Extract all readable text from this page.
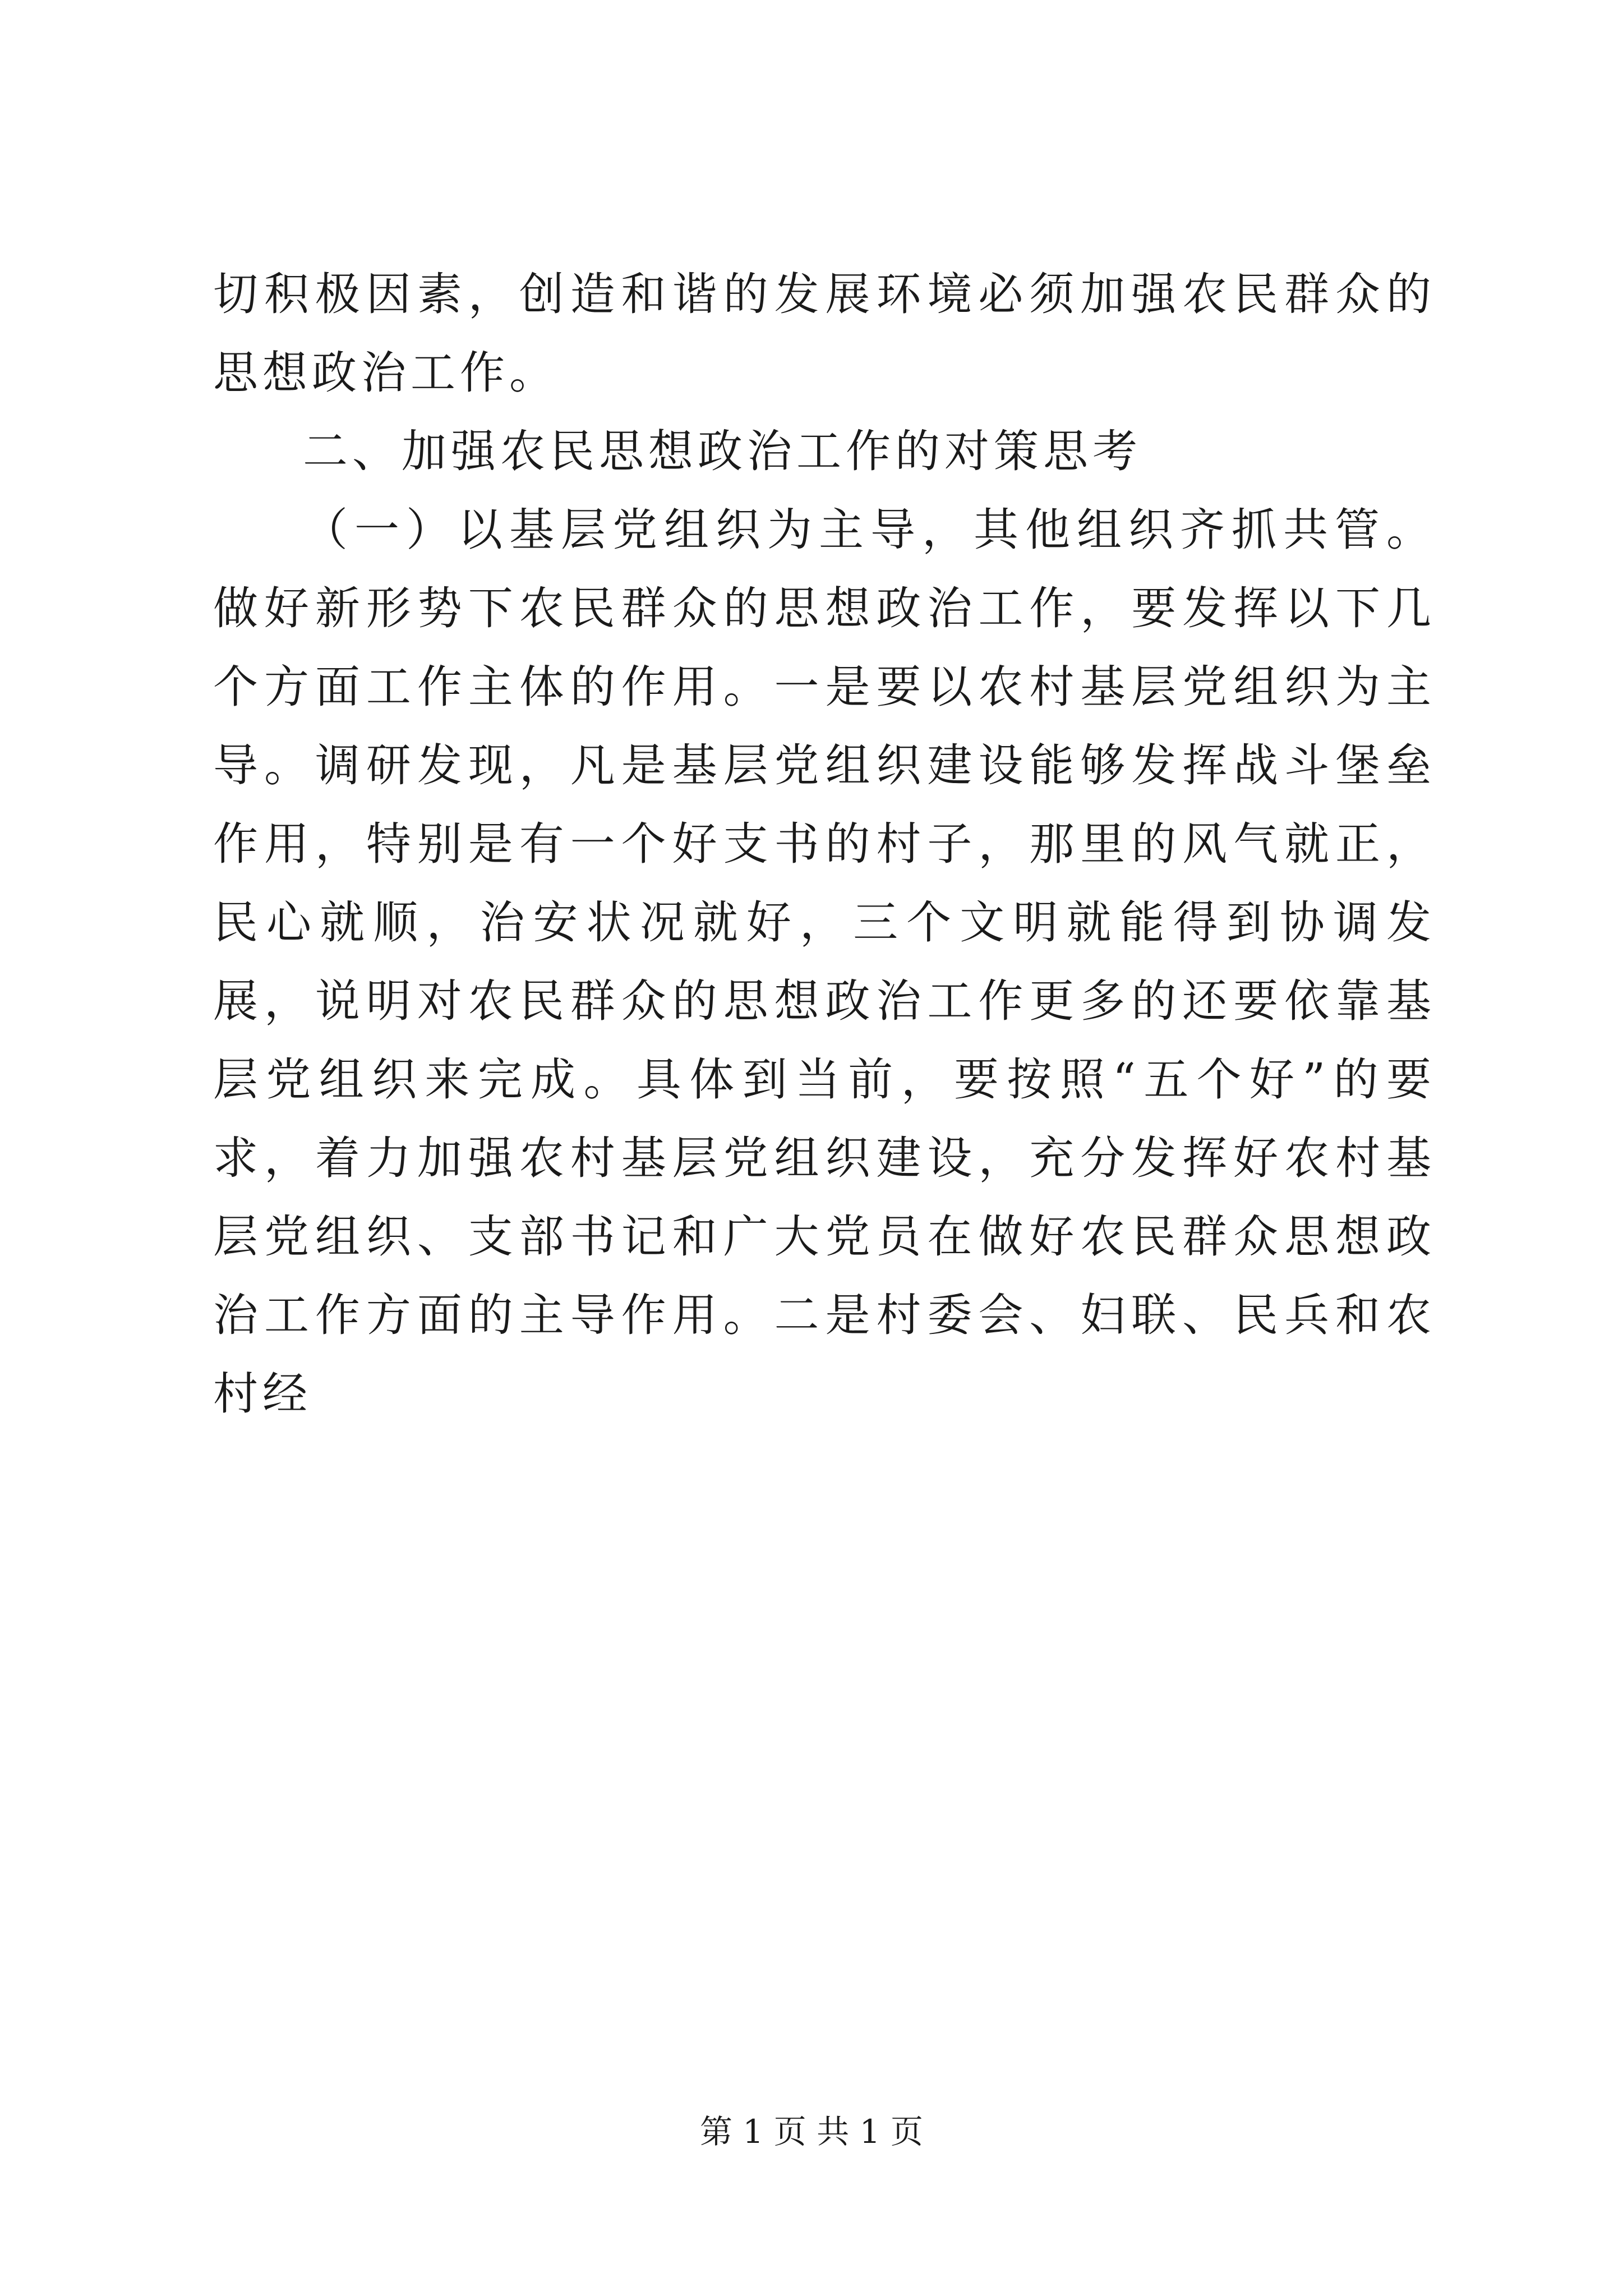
切积极因素，创造和谐的发展环境必须加强农民群众的思想政治工作。

二、加强农民思想政治工作的对策思考

（一）以基层党组织为主导，其他组织齐抓共管。做好新形势下农民群众的思想政治工作，要发挥以下几个方面工作主体的作用。一是要以农村基层党组织为主导。调研发现，凡是基层党组织建设能够发挥战斗堡垒作用，特别是有一个好支书的村子，那里的风气就正，民心就顺，治安状况就好，三个文明就能得到协调发展，说明对农民群众的思想政治工作更多的还要依靠基层党组织来完成。具体到当前，要按照“五个好”的要求，着力加强农村基层党组织建设，充分发挥好农村基层党组织、支部书记和广大党员在做好农民群众思想政治工作方面的主导作用。二是村委会、妇联、民兵和农村经

第 1 页 共 1 页
